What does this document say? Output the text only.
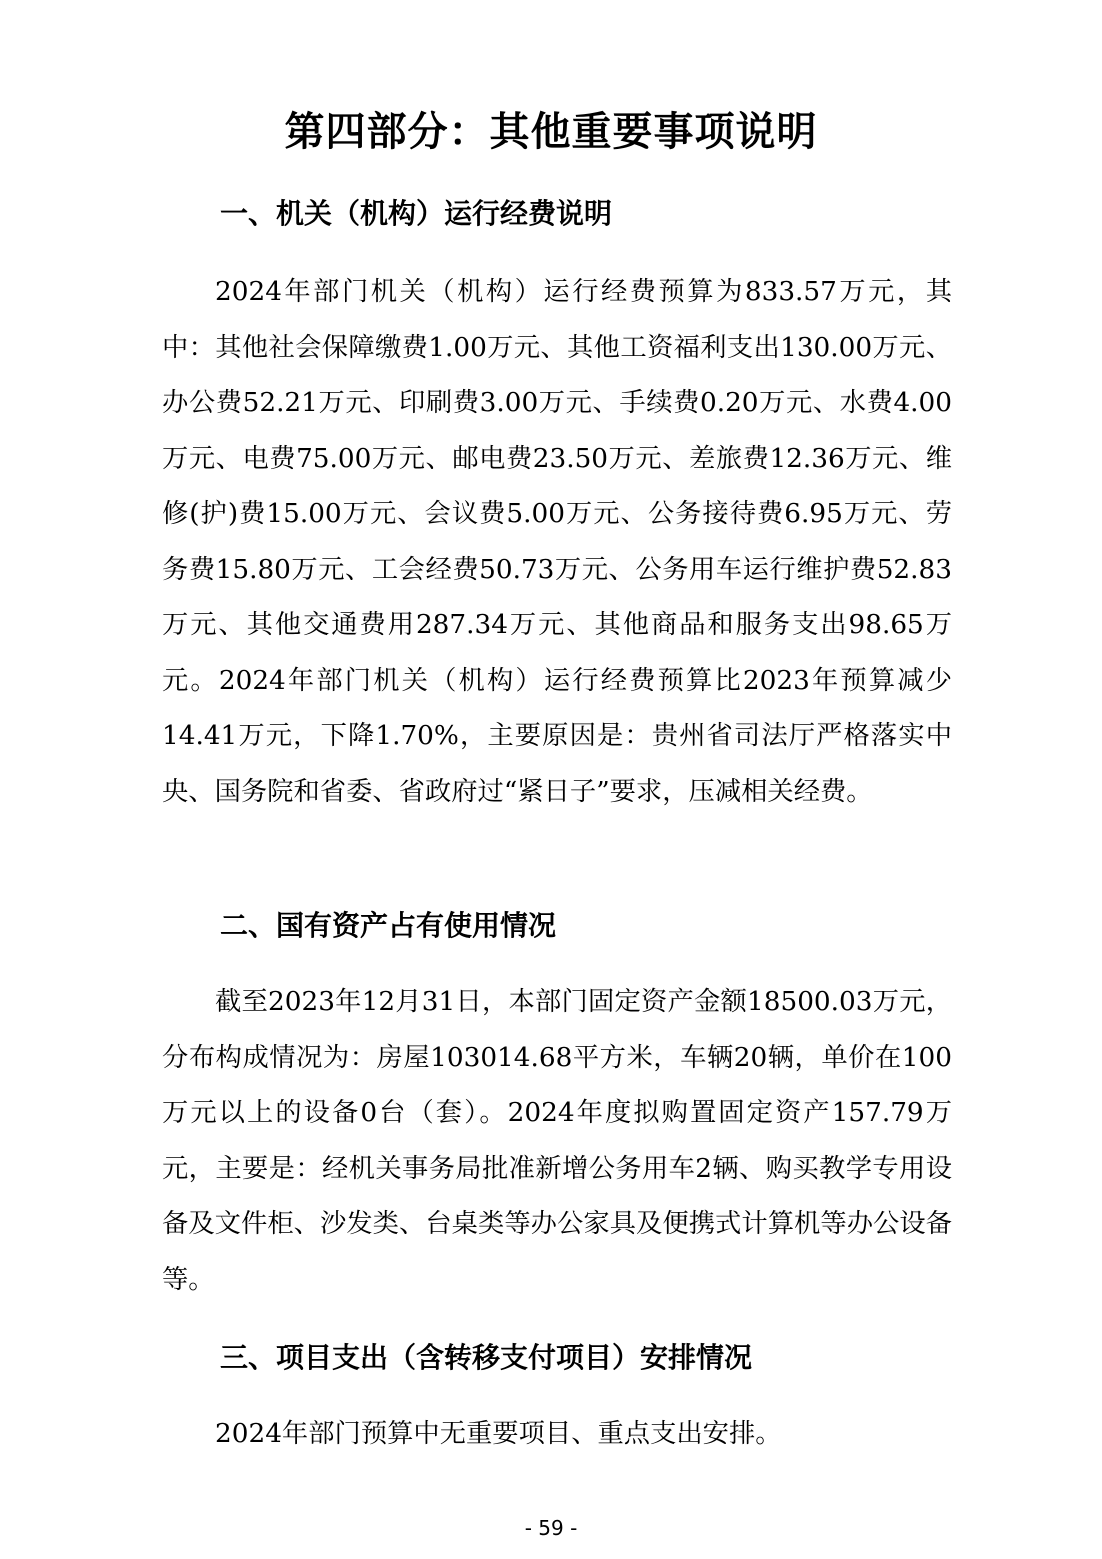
第四部分：其他重要事项说明
一、机关（机构）运行经费说明

2024年部门机关（机构）运行经费预算为833.57万元，其中：其他社会保障缴费1.00万元、其他工资福利支出130.00万元、办公费52.21万元、印刷费3.00万元、手续费0.20万元、水费4.00万元、电费75.00万元、邮电费23.50万元、差旅费12.36万元、维修(护)费15.00万元、会议费5.00万元、公务接待费6.95万元、劳务费15.80万元、工会经费50.73万元、公务用车运行维护费52.83万元、其他交通费用287.34万元、其他商品和服务支出98.65万元。2024年部门机关（机构）运行经费预算比2023年预算减少14.41万元，下降1.70%，主要原因是：贵州省司法厅严格落实中央、国务院和省委、省政府过“紧日子”要求，压减相关经费。

二、国有资产占有使用情况

截至2023年12月31日，本部门固定资产金额18500.03万元，分布构成情况为：房屋103014.68平方米，车辆20辆，单价在100万元以上的设备0台（套）。2024年度拟购置固定资产157.79万元，主要是：经机关事务局批准新增公务用车2辆、购买教学专用设备及文件柜、沙发类、台桌类等办公家具及便携式计算机等办公设备等。

三、项目支出（含转移支付项目）安排情况

2024年部门预算中无重要项目、重点支出安排。

- 59 -
